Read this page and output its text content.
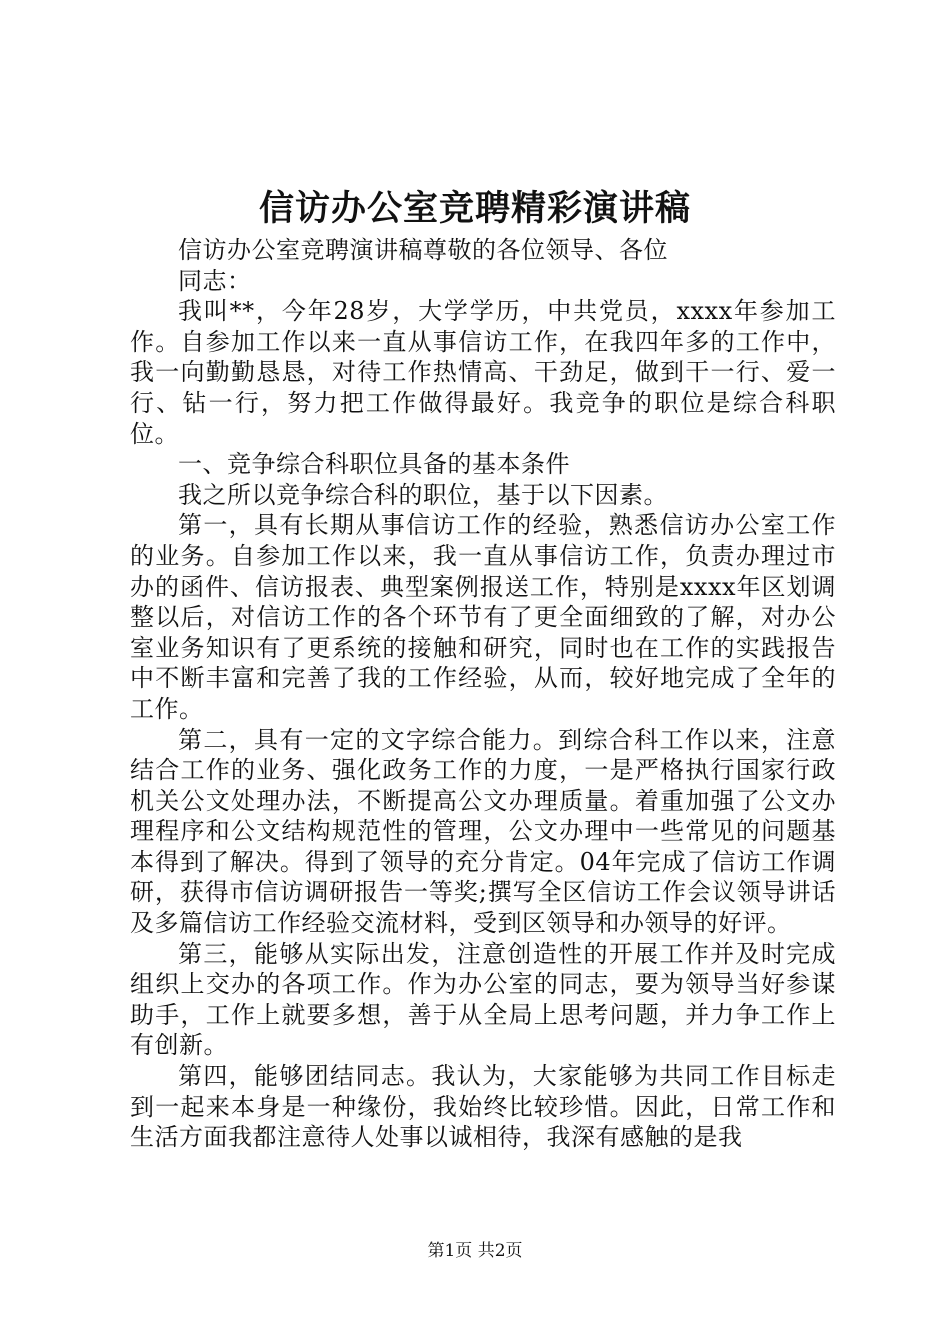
信访办公室竞聘精彩演讲稿

信访办公室竞聘演讲稿尊敬的各位领导、各位

同志：

我叫**，今年28岁，大学学历，中共党员，xxxx年参加工作。自参加工作以来一直从事信访工作，在我四年多的工作中，我一向勤勤恳恳，对待工作热情高、干劲足，做到干一行、爱一行、钻一行，努力把工作做得最好。我竞争的职位是综合科职位。

一、竞争综合科职位具备的基本条件

我之所以竞争综合科的职位，基于以下因素。

第一，具有长期从事信访工作的经验，熟悉信访办公室工作的业务。自参加工作以来，我一直从事信访工作，负责办理过市办的函件、信访报表、典型案例报送工作，特别是xxxx年区划调整以后，对信访工作的各个环节有了更全面细致的了解，对办公室业务知识有了更系统的接触和研究，同时也在工作的实践报告中不断丰富和完善了我的工作经验，从而，较好地完成了全年的工作。

第二，具有一定的文字综合能力。到综合科工作以来，注意结合工作的业务、强化政务工作的力度，一是严格执行国家行政机关公文处理办法，不断提高公文办理质量。着重加强了公文办理程序和公文结构规范性的管理，公文办理中一些常见的问题基本得到了解决。得到了领导的充分肯定。04年完成了信访工作调研，获得市信访调研报告一等奖;撰写全区信访工作会议领导讲话及多篇信访工作经验交流材料，受到区领导和办领导的好评。

第三，能够从实际出发，注意创造性的开展工作并及时完成组织上交办的各项工作。作为办公室的同志，要为领导当好参谋助手，工作上就要多想，善于从全局上思考问题，并力争工作上有创新。

第四，能够团结同志。我认为，大家能够为共同工作目标走到一起来本身是一种缘份，我始终比较珍惜。因此，日常工作和生活方面我都注意待人处事以诚相待，我深有感触的是我

第1页 共2页
